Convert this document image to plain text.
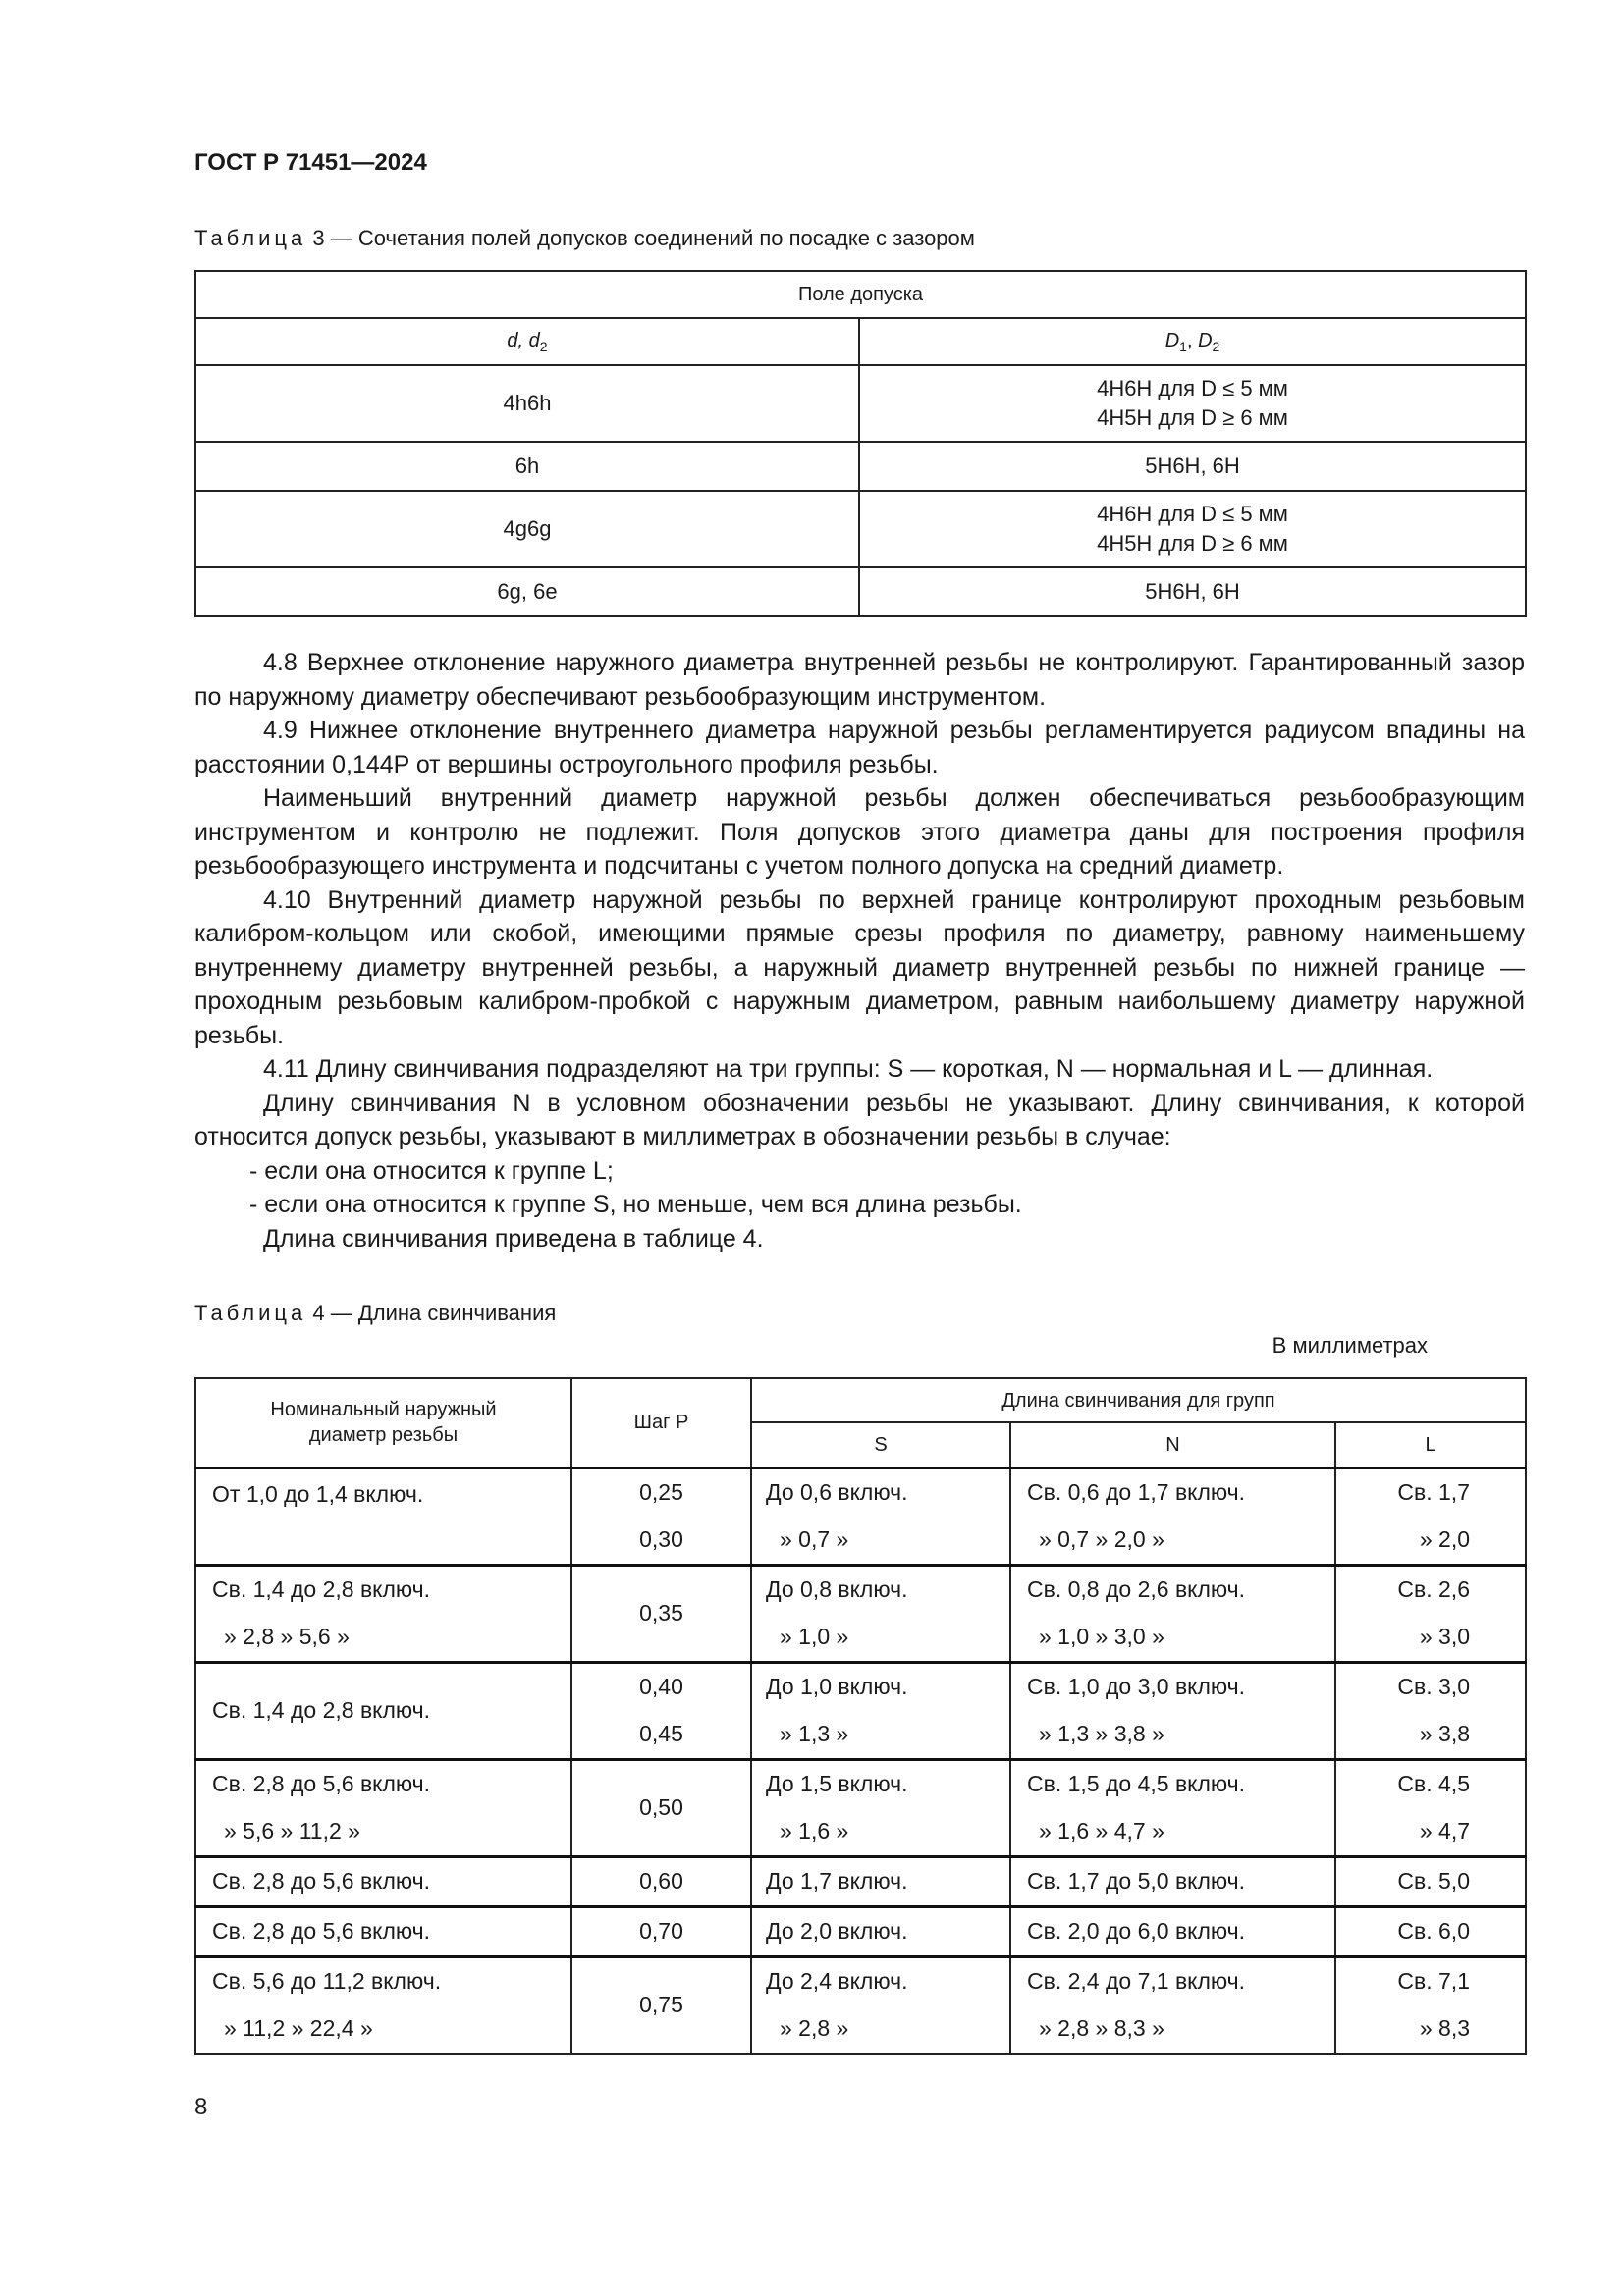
ГОСТ Р 71451—2024
Таблица 3 — Сочетания полей допусков соединений по посадке с зазором
Поле допуска	
d, $d_2$	$D_1$, $D_2$
4h6h	4H6H для D ≤ 5 мм
4H5H для D ≥ 6 мм

6h	5H6H, 6H
4g6g	4H6H для D ≤ 5 мм
4H5H для D ≥ 6 мм

6g, 6e	5H6H, 6H

4.8 Верхнее отклонение наружного диаметра внутренней резьбы не контролируют. Гарантированный зазор по наружному диаметру обеспечивают резьбообразующим инструментом.

4.9 Нижнее отклонение внутреннего диаметра наружной резьбы регламентируется радиусом впадины на расстоянии 0,144P от вершины остроугольного профиля резьбы.

Наименьший внутренний диаметр наружной резьбы должен обеспечиваться резьбообразующим инструментом и контролю не подлежит. Поля допусков этого диаметра даны для построения профиля резьбообразующего инструмента и подсчитаны с учетом полного допуска на средний диаметр.

4.10 Внутренний диаметр наружной резьбы по верхней границе контролируют проходным резьбовым калибром-кольцом или скобой, имеющими прямые срезы профиля по диаметру, равному наименьшему внутреннему диаметру внутренней резьбы, а наружный диаметр внутренней резьбы по нижней границе — проходным резьбовым калибром-пробкой с наружным диаметром, равным наибольшему диаметру наружной резьбы.

4.11 Длину свинчивания подразделяют на три группы: S — короткая, N — нормальная и L — длинная.

Длину свинчивания N в условном обозначении резьбы не указывают. Длину свинчивания, к которой относится допуск резьбы, указывают в миллиметрах в обозначении резьбы в случае:

- если она относится к группе L;

- если она относится к группе S, но меньше, чем вся длина резьбы.

Длина свинчивания приведена в таблице 4.

Таблица 4 — Длина свинчивания
В миллиметрах
Номинальный наружный диаметр резьбы	Шаг P	Длина свинчивания для групп		
		S	N	L
От 1,0 до 1,4 включ.	0,25	До 0,6 включ.	Св. 0,6 до 1,7 включ.	Св. 1,7
	0,30	» 0,7 »	» 0,7 » 2,0 »	» 2,0
Св. 1,4 до 2,8 включ.	0,35	До 0,8 включ.	Св. 0,8 до 2,6 включ.	Св. 2,6
» 2,8 » 5,6 »		» 1,0 »	» 1,0 » 3,0 »	» 3,0
Св. 1,4 до 2,8 включ.	0,40	До 1,0 включ.	Св. 1,0 до 3,0 включ.	Св. 3,0
	0,45	» 1,3 »	» 1,3 » 3,8 »	» 3,8
Св. 2,8 до 5,6 включ.	0,50	До 1,5 включ.	Св. 1,5 до 4,5 включ.	Св. 4,5
» 5,6 » 11,2 »		» 1,6 »	» 1,6 » 4,7 »	» 4,7
Св. 2,8 до 5,6 включ.	0,60	До 1,7 включ.	Св. 1,7 до 5,0 включ.	Св. 5,0
Св. 2,8 до 5,6 включ.	0,70	До 2,0 включ.	Св. 2,0 до 6,0 включ.	Св. 6,0
Св. 5,6 до 11,2 включ.	0,75	До 2,4 включ.	Св. 2,4 до 7,1 включ.	Св. 7,1
» 11,2 » 22,4 »		» 2,8 »	» 2,8 » 8,3 »	» 8,3
8
